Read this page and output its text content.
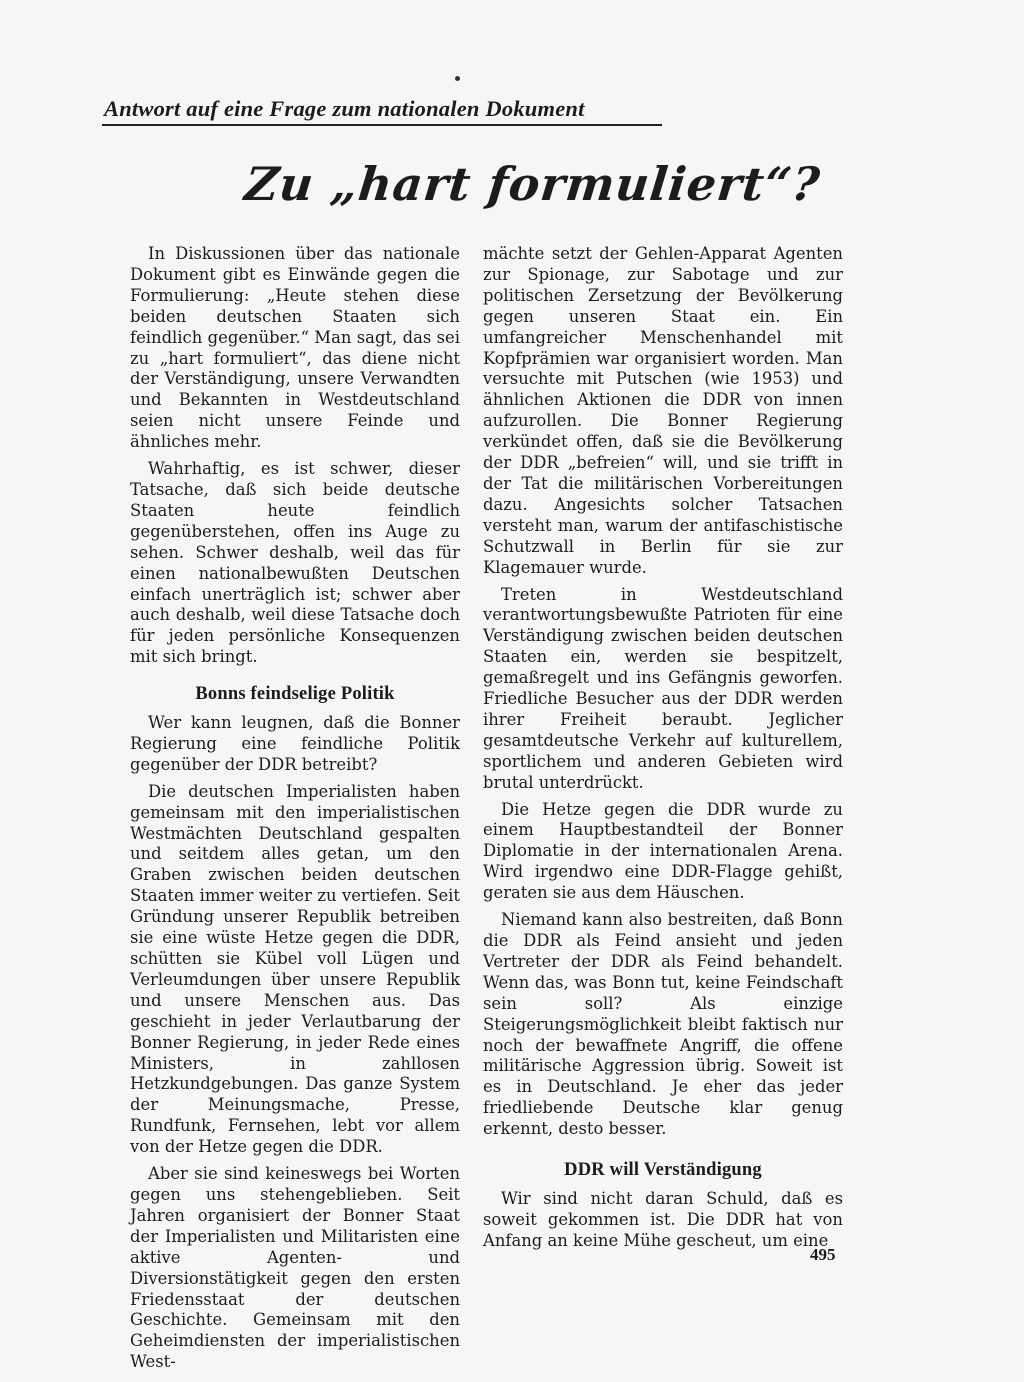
Antwort auf eine Frage zum nationalen Dokument
Zu „hart formuliert“?

In Diskussionen über das nationale Dokument gibt es Einwände gegen die Formulierung: „Heute stehen diese beiden deutschen Staaten sich feindlich gegenüber.“ Man sagt, das sei zu „hart formuliert“, das diene nicht der Verständigung, unsere Verwandten und Bekannten in Westdeutschland seien nicht unsere Feinde und ähnliches mehr.

Wahrhaftig, es ist schwer, dieser Tatsache, daß sich beide deutsche Staaten heute feindlich gegenüberstehen, offen ins Auge zu sehen. Schwer deshalb, weil das für einen nationalbewußten Deutschen einfach unerträglich ist; schwer aber auch deshalb, weil diese Tatsache doch für jeden persönliche Konsequenzen mit sich bringt.

Bonns feindselige Politik

Wer kann leugnen, daß die Bonner Regierung eine feindliche Politik gegenüber der DDR betreibt?

Die deutschen Imperialisten haben gemeinsam mit den imperialistischen Westmächten Deutschland gespalten und seitdem alles getan, um den Graben zwischen beiden deutschen Staaten immer weiter zu vertiefen. Seit Gründung unserer Republik betreiben sie eine wüste Hetze gegen die DDR, schütten sie Kübel voll Lügen und Verleumdungen über unsere Republik und unsere Menschen aus. Das geschieht in jeder Verlautbarung der Bonner Regierung, in jeder Rede eines Ministers, in zahllosen Hetzkundgebungen. Das ganze System der Meinungsmache, Presse, Rundfunk, Fernsehen, lebt vor allem von der Hetze gegen die DDR.

Aber sie sind keineswegs bei Worten gegen uns stehengeblieben. Seit Jahren organisiert der Bonner Staat der Imperialisten und Militaristen eine aktive Agenten- und Diversionstätigkeit gegen den ersten Friedensstaat der deutschen Geschichte. Gemeinsam mit den Geheimdiensten der imperialistischen West-

mächte setzt der Gehlen-Apparat Agenten zur Spionage, zur Sabotage und zur politischen Zersetzung der Bevölkerung gegen unseren Staat ein. Ein umfangreicher Menschenhandel mit Kopfprämien war organisiert worden. Man versuchte mit Putschen (wie 1953) und ähnlichen Aktionen die DDR von innen aufzurollen. Die Bonner Regierung verkündet offen, daß sie die Bevölkerung der DDR „befreien“ will, und sie trifft in der Tat die militärischen Vorbereitungen dazu. Angesichts solcher Tatsachen versteht man, warum der antifaschistische Schutzwall in Berlin für sie zur Klagemauer wurde.

Treten in Westdeutschland verantwortungsbewußte Patrioten für eine Verständigung zwischen beiden deutschen Staaten ein, werden sie bespitzelt, gemaßregelt und ins Gefängnis geworfen. Friedliche Besucher aus der DDR werden ihrer Freiheit beraubt. Jeglicher gesamtdeutsche Verkehr auf kulturellem, sportlichem und anderen Gebieten wird brutal unterdrückt.

Die Hetze gegen die DDR wurde zu einem Hauptbestandteil der Bonner Diplomatie in der internationalen Arena. Wird irgendwo eine DDR-Flagge gehißt, geraten sie aus dem Häuschen.

Niemand kann also bestreiten, daß Bonn die DDR als Feind ansieht und jeden Vertreter der DDR als Feind behandelt. Wenn das, was Bonn tut, keine Feindschaft sein soll? Als einzige Steigerungsmöglichkeit bleibt faktisch nur noch der bewaffnete Angriff, die offene militärische Aggression übrig. Soweit ist es in Deutschland. Je eher das jeder friedliebende Deutsche klar genug erkennt, desto besser.

DDR will Verständigung

Wir sind nicht daran Schuld, daß es soweit gekommen ist. Die DDR hat von Anfang an keine Mühe gescheut, um eine

495
